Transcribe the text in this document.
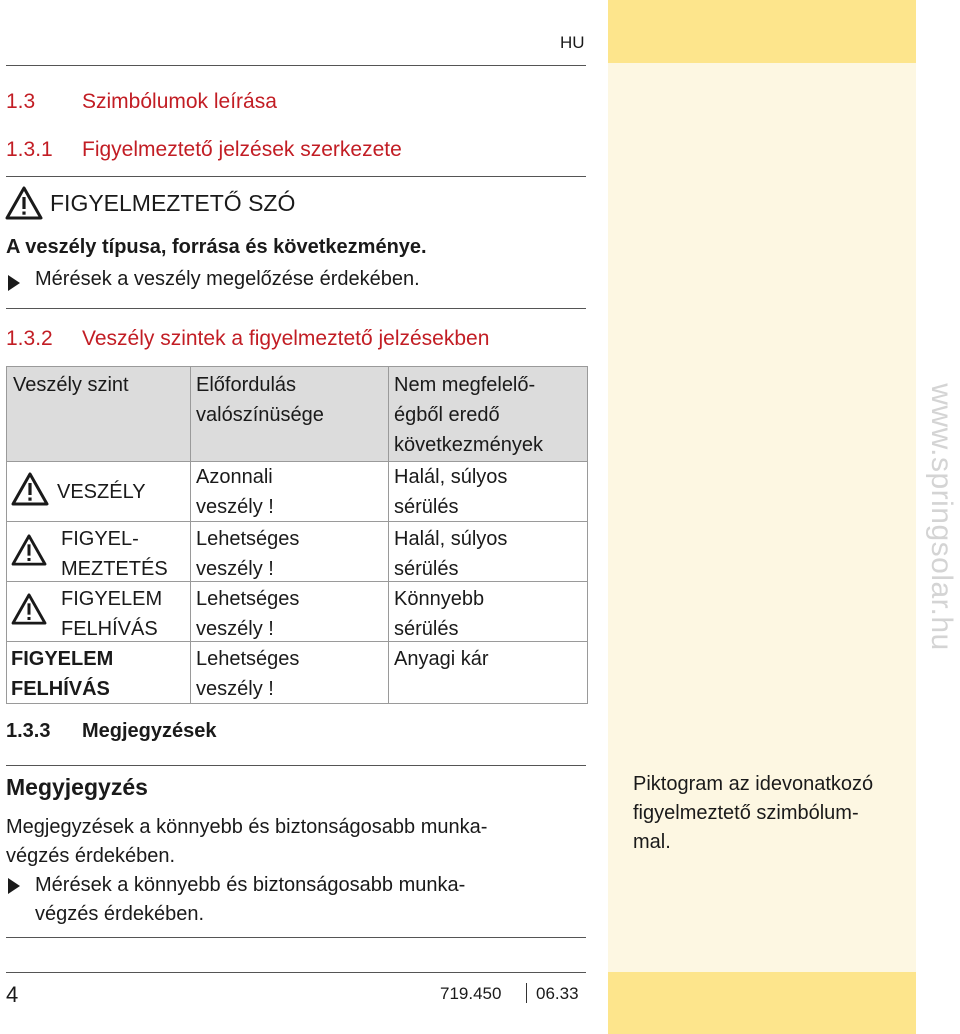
www.springsolar.hu
HU
1.3 Szimbólumok leírása
1.3.1 Figyelmeztető jelzések szerkezete
FIGYELMEZTETŐ SZÓ
A veszély típusa, forrása és következménye.
Mérések a veszély megelőzése érdekében.
1.3.2 Veszély szintek a figyelmeztető jelzésekben
Veszély szint	Előfordulás
valószínüsége
Nem megfelelő-
égből eredő
következmények
VESZÉLY
Azonnali
veszély !
Halál, súlyos
sérülés
FIGYEL-
MEZTETÉS
Lehetséges
veszély !
Halál, súlyos
sérülés
FIGYELEM
FELHÍVÁS
Lehetséges
veszély !
Könnyebb
sérülés
FIGYELEM
FELHÍVÁS
Lehetséges
veszély !
Anyagi kár
1.3.3 Megjegyzések
Megyjegyzés
Megjegyzések a könnyebb és biztonságosabb munka-
végzés érdekében.
Mérések a könnyebb és biztonságosabb munka-
végzés érdekében.
Piktogram az idevonatkozó
figyelmeztető szimbólum-
mal.
4	719.450 06.33
